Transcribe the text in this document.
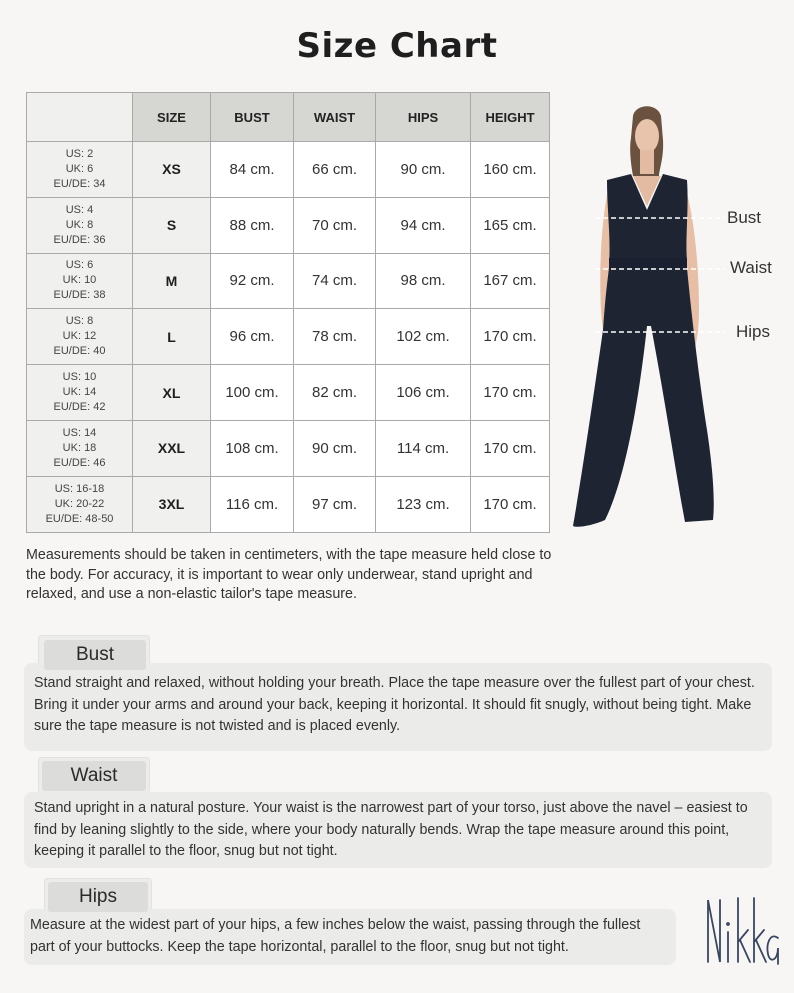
Size Chart
	SIZE	BUST	WAIST	HIPS	HEIGHT

US: 2
UK: 6
EU/DE: 34	XS	84 cm.	66 cm.	90 cm.	160 cm.

US: 4
UK: 8
EU/DE: 36	S	88 cm.	70 cm.	94 cm.	165 cm.

US: 6
UK: 10
EU/DE: 38	M	92 cm.	74 cm.	98 cm.	167 cm.

US: 8
UK: 12
EU/DE: 40	L	96 cm.	78 cm.	102 cm.	170 cm.

US: 10
UK: 14
EU/DE: 42	XL	100 cm.	82 cm.	106 cm.	170 cm.

US: 14
UK: 18
EU/DE: 46	XXL	108 cm.	90 cm.	114 cm.	170 cm.

US: 16-18
UK: 20-22
EU/DE: 48-50	3XL	116 cm.	97 cm.	123 cm.	170 cm.
Bust
Waist
Hips

Measurements should be taken in centimeters, with the tape measure held close to the body. For accuracy, it is important to wear only underwear, stand upright and relaxed, and use a non-elastic tailor's tape measure.

Stand straight and relaxed, without holding your breath. Place the tape measure over the fullest part of your chest. Bring it under your arms and around your back, keeping it horizontal. It should fit snugly, without being tight. Make sure the tape measure is not twisted and is placed evenly.
Bust
Stand upright in a natural posture. Your waist is the narrowest part of your torso, just above the navel – easiest to find by leaning slightly to the side, where your body naturally bends. Wrap the tape measure around this point, keeping it parallel to the floor, snug but not tight.
Waist
Measure at the widest part of your hips, a few inches below the waist, passing through the fullest part of your buttocks. Keep the tape horizontal, parallel to the floor, snug but not tight.
Hips
